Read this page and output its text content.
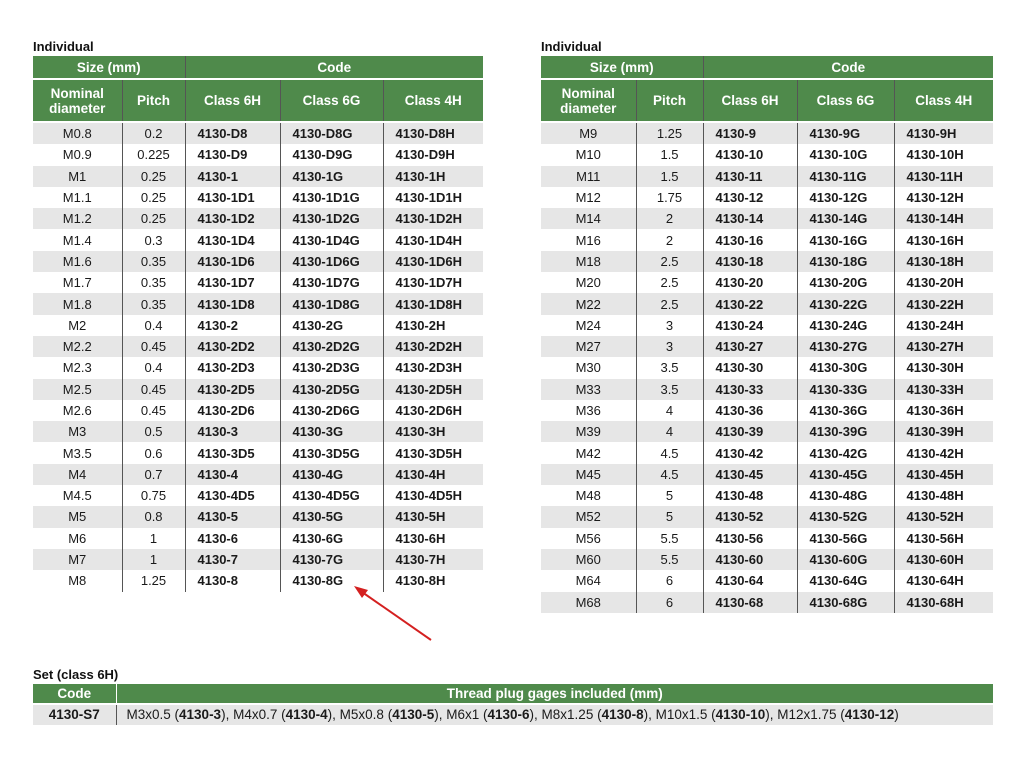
Individual
Size (mm)		Code		
Nominal diameter	Pitch	Class 6H	Class 6G	Class 4H
M0.8	0.2	4130-D8	4130-D8G	4130-D8H
M0.9	0.225	4130-D9	4130-D9G	4130-D9H
M1	0.25	4130-1	4130-1G	4130-1H
M1.1	0.25	4130-1D1	4130-1D1G	4130-1D1H
M1.2	0.25	4130-1D2	4130-1D2G	4130-1D2H
M1.4	0.3	4130-1D4	4130-1D4G	4130-1D4H
M1.6	0.35	4130-1D6	4130-1D6G	4130-1D6H
M1.7	0.35	4130-1D7	4130-1D7G	4130-1D7H
M1.8	0.35	4130-1D8	4130-1D8G	4130-1D8H
M2	0.4	4130-2	4130-2G	4130-2H
M2.2	0.45	4130-2D2	4130-2D2G	4130-2D2H
M2.3	0.4	4130-2D3	4130-2D3G	4130-2D3H
M2.5	0.45	4130-2D5	4130-2D5G	4130-2D5H
M2.6	0.45	4130-2D6	4130-2D6G	4130-2D6H
M3	0.5	4130-3	4130-3G	4130-3H
M3.5	0.6	4130-3D5	4130-3D5G	4130-3D5H
M4	0.7	4130-4	4130-4G	4130-4H
M4.5	0.75	4130-4D5	4130-4D5G	4130-4D5H
M5	0.8	4130-5	4130-5G	4130-5H
M6	1	4130-6	4130-6G	4130-6H
M7	1	4130-7	4130-7G	4130-7H
M8	1.25	4130-8	4130-8G	4130-8H
Individual
Size (mm)		Code		
Nominal diameter	Pitch	Class 6H	Class 6G	Class 4H
M9	1.25	4130-9	4130-9G	4130-9H
M10	1.5	4130-10	4130-10G	4130-10H
M11	1.5	4130-11	4130-11G	4130-11H
M12	1.75	4130-12	4130-12G	4130-12H
M14	2	4130-14	4130-14G	4130-14H
M16	2	4130-16	4130-16G	4130-16H
M18	2.5	4130-18	4130-18G	4130-18H
M20	2.5	4130-20	4130-20G	4130-20H
M22	2.5	4130-22	4130-22G	4130-22H
M24	3	4130-24	4130-24G	4130-24H
M27	3	4130-27	4130-27G	4130-27H
M30	3.5	4130-30	4130-30G	4130-30H
M33	3.5	4130-33	4130-33G	4130-33H
M36	4	4130-36	4130-36G	4130-36H
M39	4	4130-39	4130-39G	4130-39H
M42	4.5	4130-42	4130-42G	4130-42H
M45	4.5	4130-45	4130-45G	4130-45H
M48	5	4130-48	4130-48G	4130-48H
M52	5	4130-52	4130-52G	4130-52H
M56	5.5	4130-56	4130-56G	4130-56H
M60	5.5	4130-60	4130-60G	4130-60H
M64	6	4130-64	4130-64G	4130-64H
M68	6	4130-68	4130-68G	4130-68H
Set (class 6H)
Code	Thread plug gages included (mm)
4130-S7	M3x0.5 (4130-3), M4x0.7 (4130-4), M5x0.8 (4130-5), M6x1 (4130-6), M8x1.25 (4130-8), M10x1.5 (4130-10), M12x1.75 (4130-12)
